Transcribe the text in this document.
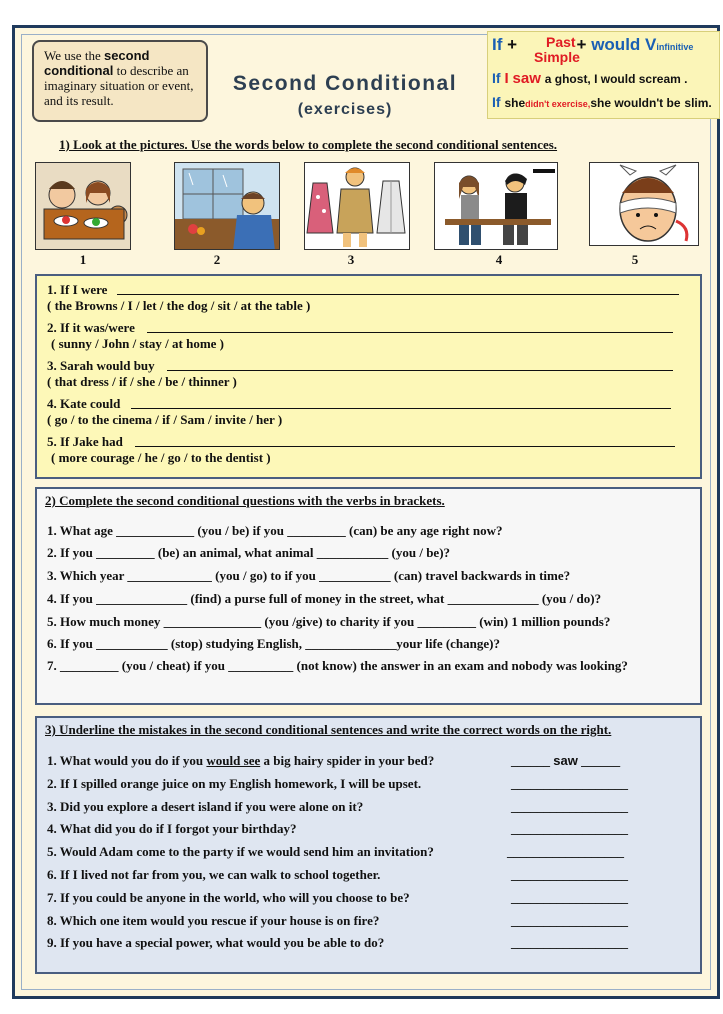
We use the second conditional to describe an imaginary situation or event, and its result.
Second Conditional
(exercises)
If +	+ would Vinfinitive
Past
Simple
If I saw a ghost, I would scream .
If shedidn't exercise,she wouldn't be slim.
1) Look at the pictures. Use the words below to complete the second conditional sentences.
1	2	3	4	5
1. If I were
( the Browns / I / let / the dog / sit / at the table )
2. If it was/were
( sunny / John / stay / at home )
3. Sarah would buy
( that dress / if / she / be / thinner )
4. Kate could
( go / to the cinema / if / Sam / invite / her )
5. If Jake had
( more courage / he / go / to the dentist )
2) Complete the second conditional questions with the verbs in brackets.
1. What age ____________ (you / be) if you _________ (can) be any age right now?
2. If you _________ (be) an animal, what animal ___________ (you / be)?
3. Which year _____________ (you / go) to if you ___________ (can) travel backwards in time?
4. If you ______________ (find) a purse full of money in the street, what ______________ (you / do)?
5. How much money _______________ (you /give) to charity if you _________ (win) 1 million pounds?
6. If you ___________ (stop) studying English, ______________your life (change)?
7. _________ (you / cheat) if you __________ (not know) the answer in an exam and nobody was looking?
3) Underline the mistakes in the second conditional sentences and write the correct words on the right.
1. What would you do if you would see a big hairy spider in your bed?	______ saw ______
2. If I spilled orange juice on my English homework, I will be upset.	__________________
3. Did you explore a desert island if you were alone on it?	__________________
4. What did you do if I forgot your birthday?	__________________
5. Would Adam come to the party if we would send him an invitation?	__________________
6. If I lived not far from you, we can walk to school together.	__________________
7. If you could be anyone in the world, who will you choose to be?	__________________
8. Which one item would you rescue if your house is on fire?	__________________
9. If you have a special power, what would you be able to do?	__________________
